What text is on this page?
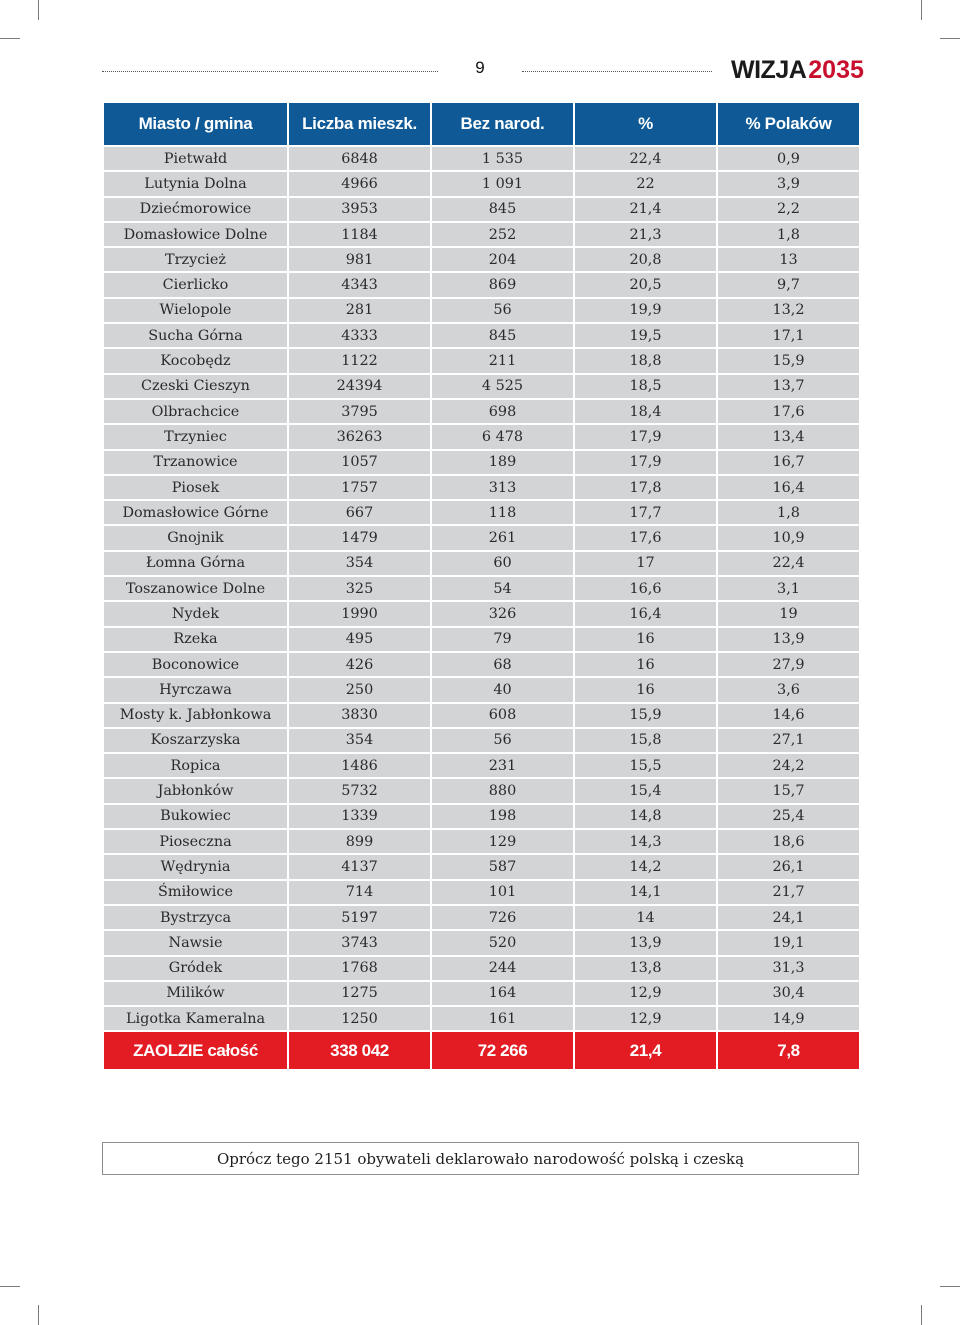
9	WIZJA 2035
Miasto / gmina	Liczba mieszk.	Bez narod.	%	% Polaków
Pietwałd	6848	1 535	22,4	0,9
Lutynia Dolna	4966	1 091	22	3,9
Dziećmorowice	3953	845	21,4	2,2
Domasłowice Dolne	1184	252	21,3	1,8
Trzycież	981	204	20,8	13
Cierlicko	4343	869	20,5	9,7
Wielopole	281	56	19,9	13,2
Sucha Górna	4333	845	19,5	17,1
Kocobędz	1122	211	18,8	15,9
Czeski Cieszyn	24394	4 525	18,5	13,7
Olbrachcice	3795	698	18,4	17,6
Trzyniec	36263	6 478	17,9	13,4
Trzanowice	1057	189	17,9	16,7
Piosek	1757	313	17,8	16,4
Domasłowice Górne	667	118	17,7	1,8
Gnojnik	1479	261	17,6	10,9
Łomna Górna	354	60	17	22,4
Toszanowice Dolne	325	54	16,6	3,1
Nydek	1990	326	16,4	19
Rzeka	495	79	16	13,9
Boconowice	426	68	16	27,9
Hyrczawa	250	40	16	3,6
Mosty k. Jabłonkowa	3830	608	15,9	14,6
Koszarzyska	354	56	15,8	27,1
Ropica	1486	231	15,5	24,2
Jabłonków	5732	880	15,4	15,7
Bukowiec	1339	198	14,8	25,4
Pioseczna	899	129	14,3	18,6
Wędrynia	4137	587	14,2	26,1
Śmiłowice	714	101	14,1	21,7
Bystrzyca	5197	726	14	24,1
Nawsie	3743	520	13,9	19,1
Gródek	1768	244	13,8	31,3
Milików	1275	164	12,9	30,4
Ligotka Kameralna	1250	161	12,9	14,9
ZAOLZIE całość	338 042	72 266	21,4	7,8
Oprócz tego 2151 obywateli deklarowało narodowość polską i czeską
